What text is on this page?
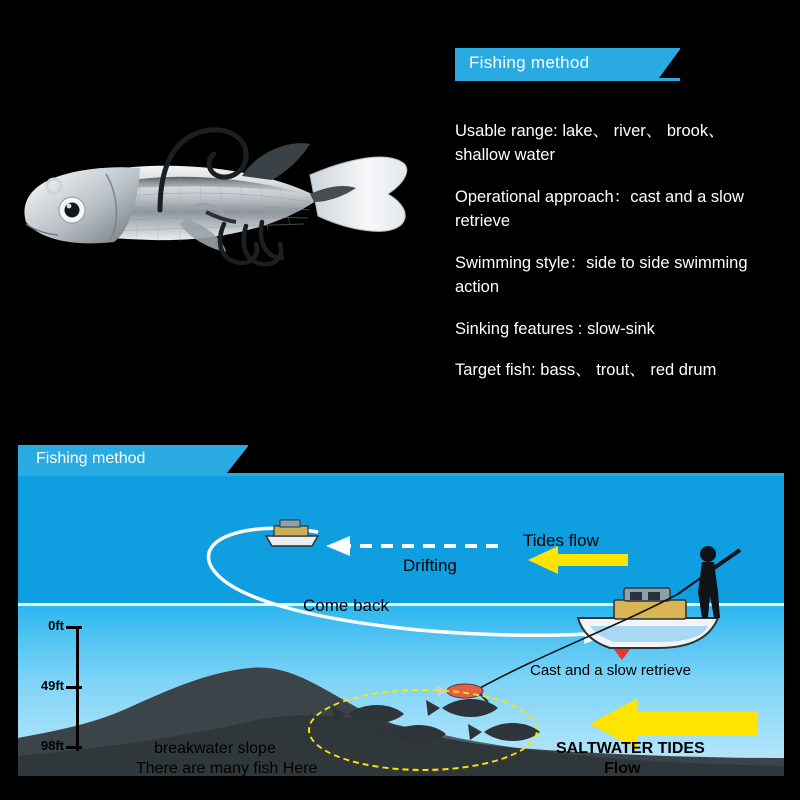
Fishing method
Usable range: lake、 river、 brook、 shallow water
Operational approach：cast and a slow retrieve
Swimming style：side to side swimming action
Sinking features : slow-sink
Target fish: bass、 trout、 red drum
Fishing method
0ft
49ft
98ft
Drifting
Tides flow
Come back
Cast and a slow retrieve
breakwater slope
There are many fish Here
SALTWATER TIDES
Flow
